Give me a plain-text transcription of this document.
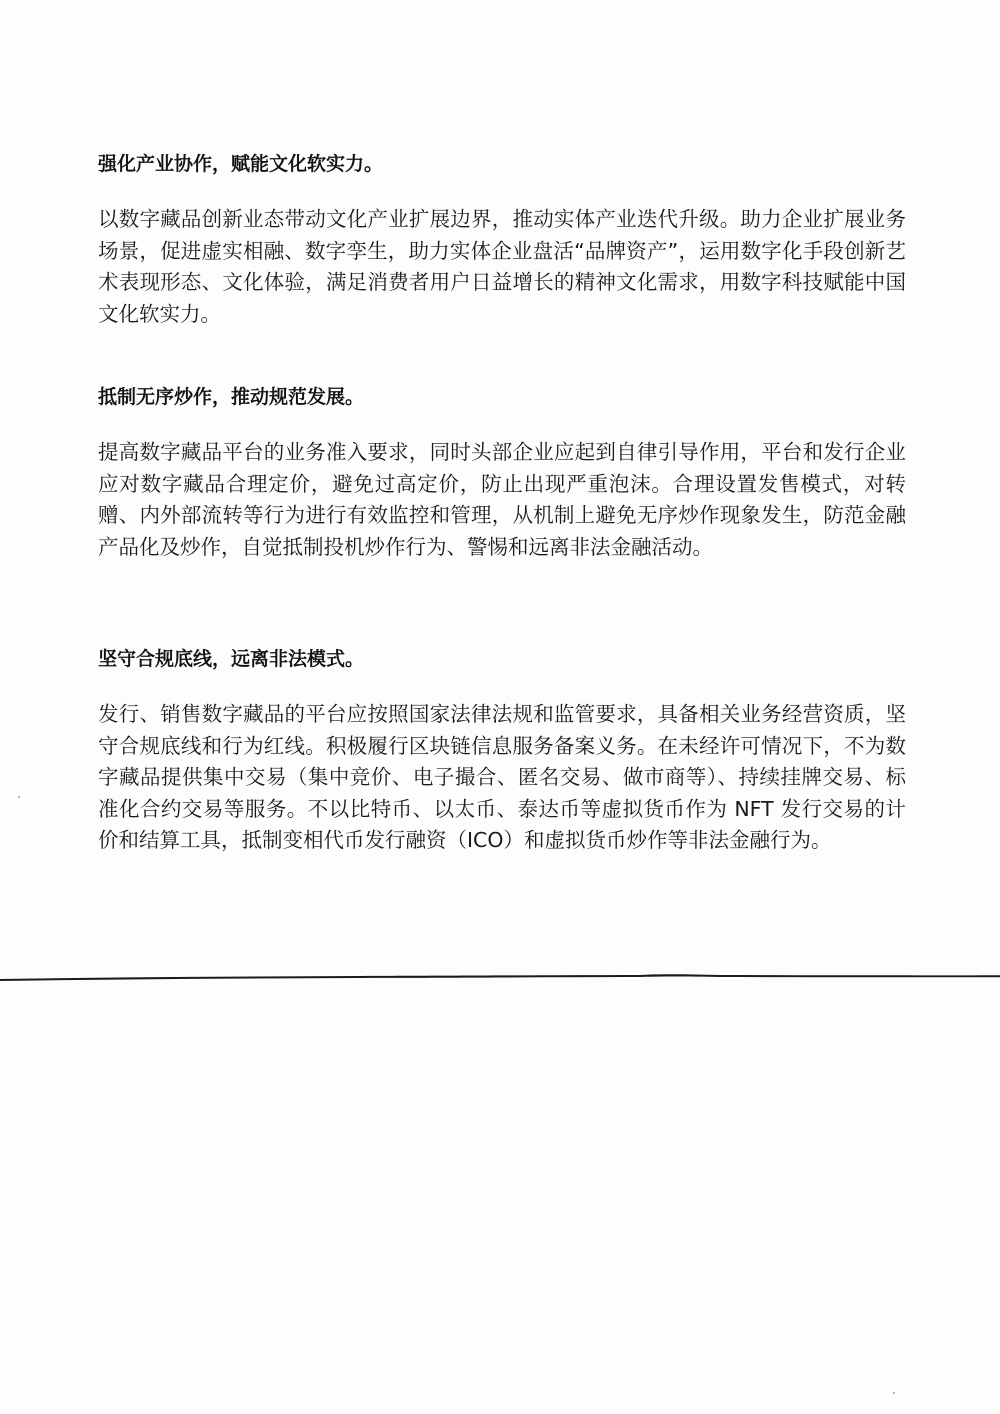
强化产业协作，赋能文化软实力。

以数字藏品创新业态带动文化产业扩展边界，推动实体产业迭代升级。助力企业扩展业务场景，促进虚实相融、数字孪生，助力实体企业盘活“品牌资产”，运用数字化手段创新艺术表现形态、文化体验，满足消费者用户日益增长的精神文化需求，用数字科技赋能中国文化软实力。

抵制无序炒作，推动规范发展。

提高数字藏品平台的业务准入要求，同时头部企业应起到自律引导作用，平台和发行企业应对数字藏品合理定价，避免过高定价，防止出现严重泡沫。合理设置发售模式，对转赠、内外部流转等行为进行有效监控和管理，从机制上避免无序炒作现象发生，防范金融产品化及炒作，自觉抵制投机炒作行为、警惕和远离非法金融活动。

坚守合规底线，远离非法模式。

发行、销售数字藏品的平台应按照国家法律法规和监管要求，具备相关业务经营资质，坚守合规底线和行为红线。积极履行区块链信息服务备案义务。在未经许可情况下，不为数字藏品提供集中交易（集中竞价、电子撮合、匿名交易、做市商等）、持续挂牌交易、标准化合约交易等服务。不以比特币、以太币、泰达币等虚拟货币作为 NFT 发行交易的计价和结算工具，抵制变相代币发行融资（ICO）和虚拟货币炒作等非法金融行为。
